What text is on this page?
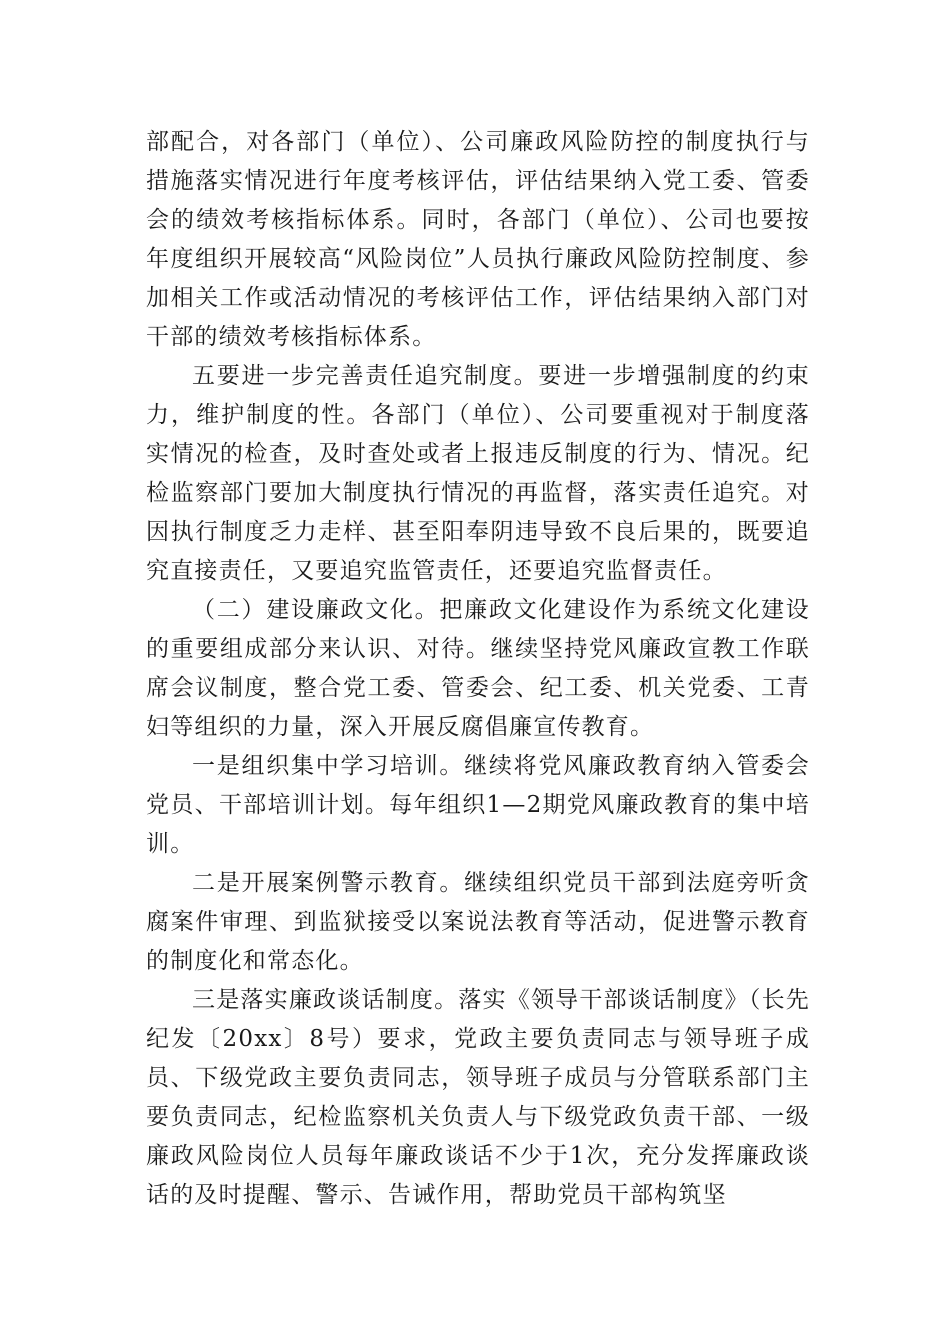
部配合，对各部门（单位）、公司廉政风险防控的制度执行与措施落实情况进行年度考核评估，评估结果纳入党工委、管委会的绩效考核指标体系。同时，各部门（单位）、公司也要按年度组织开展较高“风险岗位”人员执行廉政风险防控制度、参加相关工作或活动情况的考核评估工作，评估结果纳入部门对干部的绩效考核指标体系。

五要进一步完善责任追究制度。要进一步增强制度的约束力，维护制度的性。各部门（单位）、公司要重视对于制度落实情况的检查，及时查处或者上报违反制度的行为、情况。纪检监察部门要加大制度执行情况的再监督，落实责任追究。对因执行制度乏力走样、甚至阳奉阴违导致不良后果的，既要追究直接责任，又要追究监管责任，还要追究监督责任。

（二）建设廉政文化。把廉政文化建设作为系统文化建设的重要组成部分来认识、对待。继续坚持党风廉政宣教工作联席会议制度，整合党工委、管委会、纪工委、机关党委、工青妇等组织的力量，深入开展反腐倡廉宣传教育。

一是组织集中学习培训。继续将党风廉政教育纳入管委会党员、干部培训计划。每年组织1—2期党风廉政教育的集中培训。

二是开展案例警示教育。继续组织党员干部到法庭旁听贪腐案件审理、到监狱接受以案说法教育等活动，促进警示教育的制度化和常态化。

三是落实廉政谈话制度。落实《领导干部谈话制度》（长先纪发〔20xx〕8号）要求，党政主要负责同志与领导班子成员、下级党政主要负责同志，领导班子成员与分管联系部门主要负责同志，纪检监察机关负责人与下级党政负责干部、一级廉政风险岗位人员每年廉政谈话不少于1次，充分发挥廉政谈话的及时提醒、警示、告诫作用，帮助党员干部构筑坚
